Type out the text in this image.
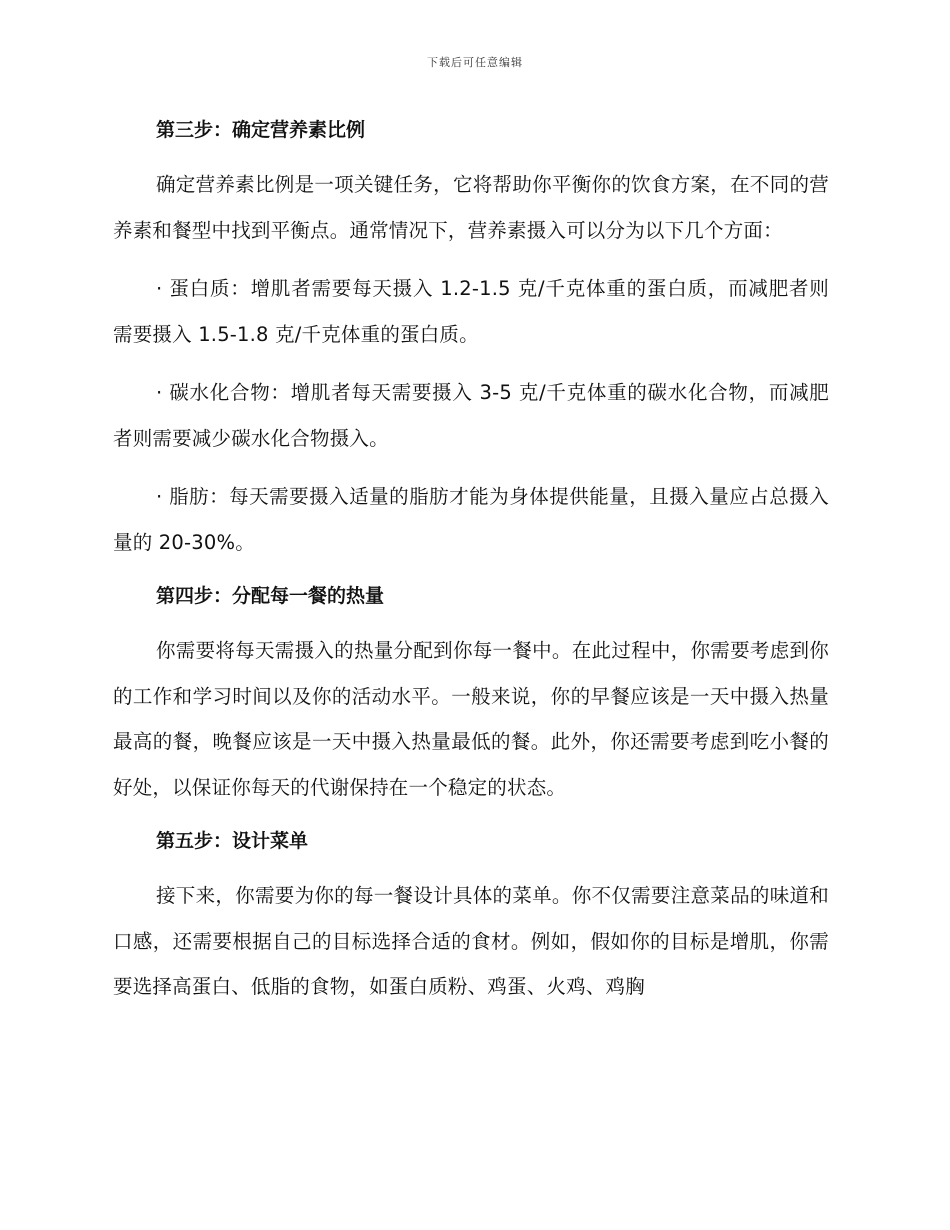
下载后可任意编辑
第三步：确定营养素比例

确定营养素比例是一项关键任务，它将帮助你平衡你的饮食方案，在不同的营养素和餐型中找到平衡点。通常情况下，营养素摄入可以分为以下几个方面：

· 蛋白质：增肌者需要每天摄入 1.2-1.5 克/千克体重的蛋白质，而减肥者则需要摄入 1.5-1.8 克/千克体重的蛋白质。

· 碳水化合物：增肌者每天需要摄入 3-5 克/千克体重的碳水化合物，而减肥者则需要减少碳水化合物摄入。

· 脂肪：每天需要摄入适量的脂肪才能为身体提供能量，且摄入量应占总摄入量的 20-30%。

第四步：分配每一餐的热量

你需要将每天需摄入的热量分配到你每一餐中。在此过程中，你需要考虑到你的工作和学习时间以及你的活动水平。一般来说，你的早餐应该是一天中摄入热量最高的餐，晚餐应该是一天中摄入热量最低的餐。此外，你还需要考虑到吃小餐的好处，以保证你每天的代谢保持在一个稳定的状态。

第五步：设计菜单

接下来，你需要为你的每一餐设计具体的菜单。你不仅需要注意菜品的味道和口感，还需要根据自己的目标选择合适的食材。例如，假如你的目标是增肌，你需要选择高蛋白、低脂的食物，如蛋白质粉、鸡蛋、火鸡、鸡胸
